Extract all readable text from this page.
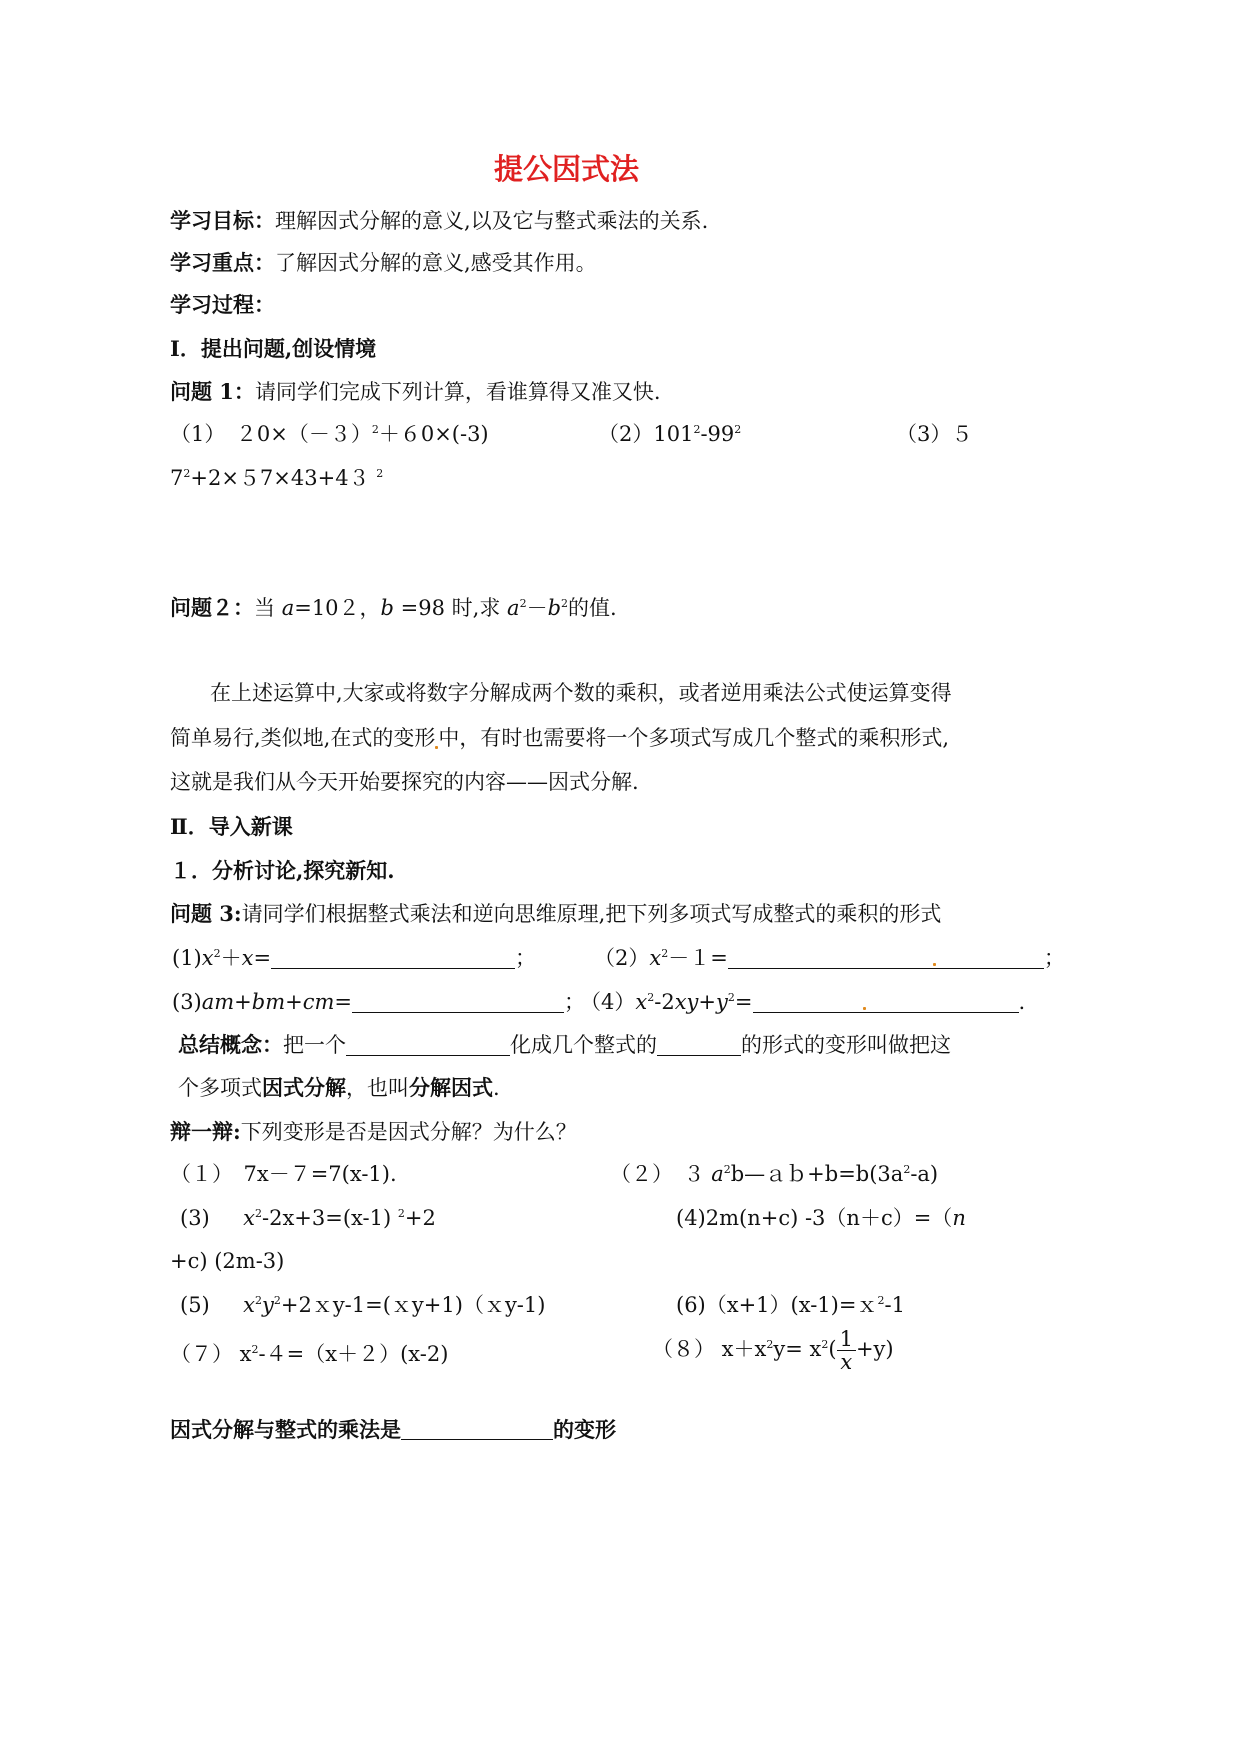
提公因式法
学习目标：理解因式分解的意义,以及它与整式乘法的关系.
学习重点：了解因式分解的意义,感受其作用。
学习过程：
Ⅰ．提出问题,创设情境
问题 1：请同学们完成下列计算，看谁算得又准又快.
（1）　$20\times(-3)^2+60\times(-3)$	$(2)101^2-99^2$	（3）５
$7^2+2\times 57\times 43+43$ $^2$
问题２：当 a=10２，b =98 时,求 $a^2-b^2$的值.
在上述运算中,大家或将数字分解成两个数的乘积，或者逆用乘法公式使运算变得
简单易行,类似地,在式的变形 中，有时也需要将一个多项式写成几个整式的乘积形式,
这就是我们从今天开始要探究的内容——因式分解.
Ⅱ．导入新课
１．分析讨论,探究新知.
问题 3:请同学们根据整式乘法和逆向思维原理,把下列多项式写成整式的乘积的形式
$(1)x^2+x=$	；	$(2)x^2-1=$	；
(3)am+bm+cm=	；
$(4)x^2-2xy+y^2=$	.
总结概念：把一个	化成几个整式的	的形式的变形叫做把这
个多项式因式分解，也叫分解因式.
辩一辩:下列变形是否是因式分解？为什么？
（１）　7x－７=7(x-1).	（２）　３ $a^2b—ab+b=b(3a^2-a)$
(3) $x^2-2x+3=(x-1)$ $^2$+2	(4)2m(n+c) -3（n＋c）=（n
+c) (2m-3)
(5) $x^2y^2+2xy-1=(xy+1)(xy-1)$	(6)（x+1）(x-1)=ｘ$^2$-1
（７） $x^2-4=(x+2)(x-2)$	（８） $x+x^2y= x^2( \frac{1}{x} +y)$
因式分解与整式的乘法是	的变形
